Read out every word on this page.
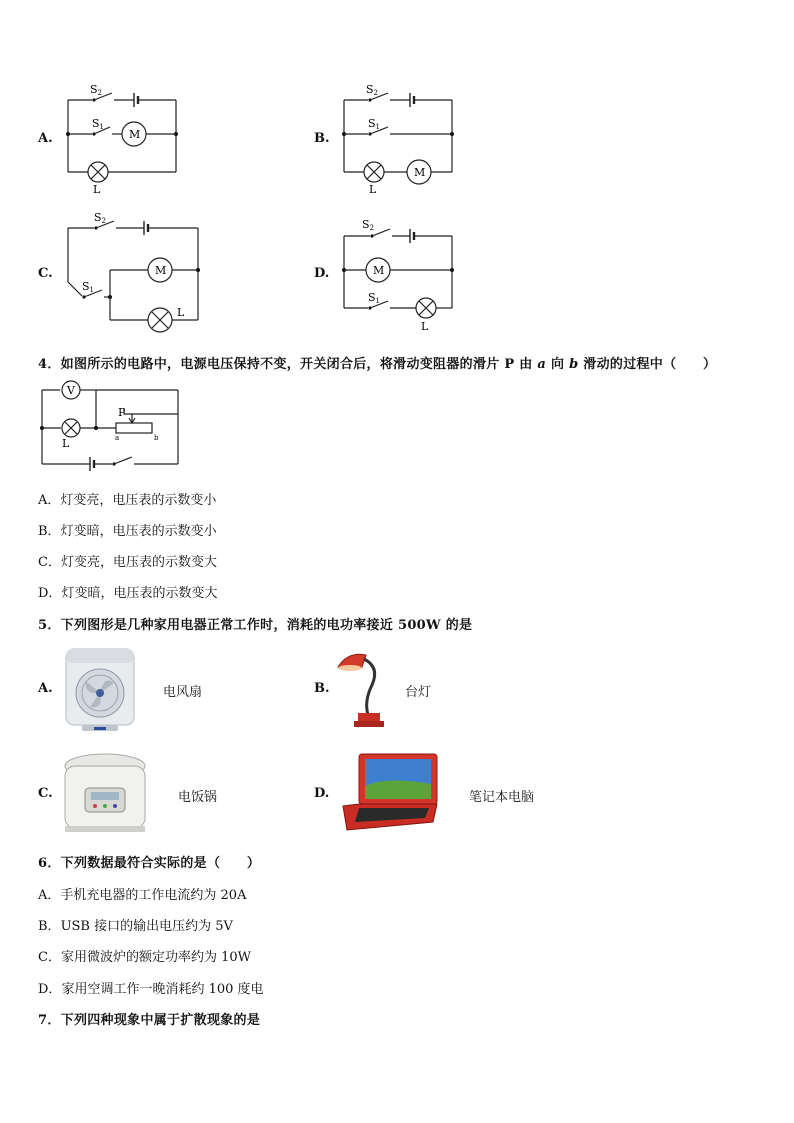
A.
S2
M
S1
L
B.
S2
S1
M
L
C.
S2
S1
M
L
D.
S2
M
S1
L
4．如图所示的电路中，电源电压保持不变，开关闭合后，将滑动变阻器的滑片 P 由 a 向 b 滑动的过程中（　　）
V
L	a	b
P
A．灯变亮，电压表的示数变小
B．灯变暗，电压表的示数变小
C．灯变亮，电压表的示数变大
D．灯变暗，电压表的示数变大
5．下列图形是几种家用电器正常工作时，消耗的电功率接近 500W 的是
A.	电风扇	B.	台灯
C.	电饭锅	D.	笔记本电脑
6．下列数据最符合实际的是（　　）
A．手机充电器的工作电流约为 20A
B．USB 接口的输出电压约为 5V
C．家用微波炉的额定功率约为 10W
D．家用空调工作一晚消耗约 100 度电
7．下列四种现象中属于扩散现象的是
